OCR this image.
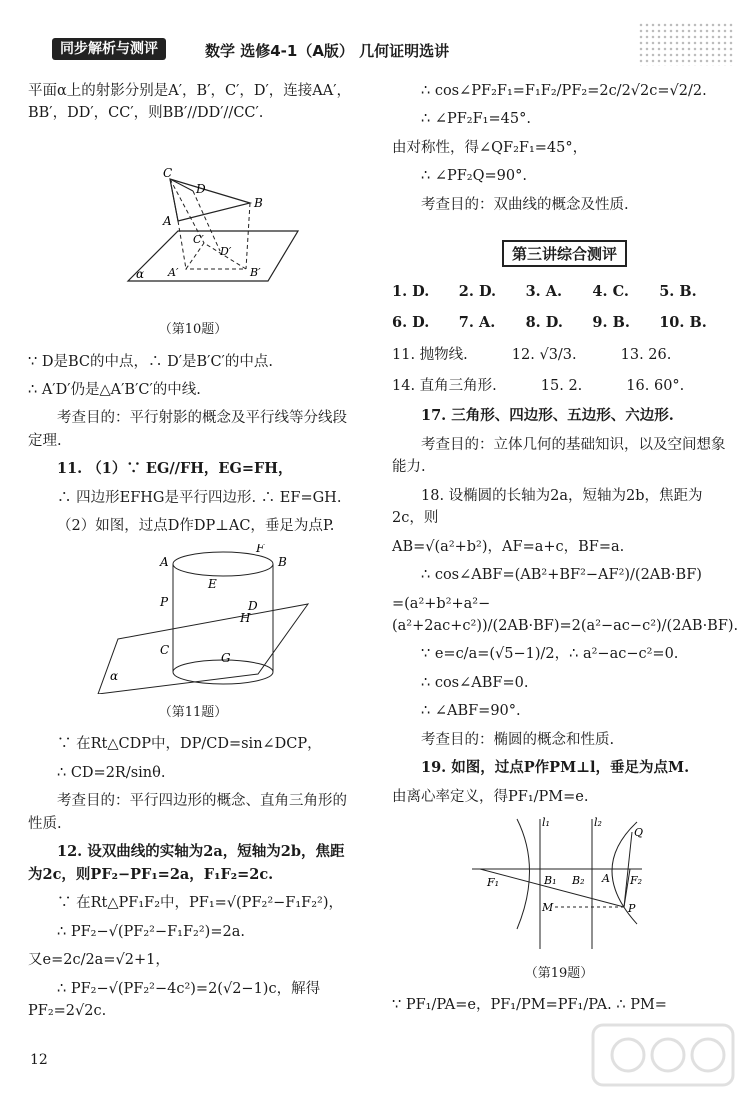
同步解析与测评	数学 选修4-1（A版） 几何证明选讲

平面α上的射影分别是A′，B′，C′，D′，连接AA′，BB′，DD′，CC′，则BB′//DD′//CC′.

C
D
A
B
C′
D′
A′	B′
α
（第10题）

∵ D是BC的中点，∴ D′是B′C′的中点.

∴ A′D′仍是△A′B′C′的中线.

考查目的：平行射影的概念及平行线等分线段定理.

11. （1）∵ EG//FH，EG=FH，

∴ 四边形EFHG是平行四边形. ∴ EF=GH.

（2）如图，过点D作DP⊥AC，垂足为点P.

A	B
C
P
F
E
H
D
G
α
（第11题）

∵ 在Rt△CDP中，DP/CD=sin∠DCP，

∴ CD=2R/sinθ.

考查目的：平行四边形的概念、直角三角形的性质.

12. 设双曲线的实轴为2a，短轴为2b，焦距为2c，则PF₂−PF₁=2a，F₁F₂=2c.

∵ 在Rt△PF₁F₂中，PF₁=√(PF₂²−F₁F₂²)，

∴ PF₂−√(PF₂²−F₁F₂²)=2a.

又e=2c/2a=√2+1，

∴ PF₂−√(PF₂²−4c²)=2(√2−1)c，解得PF₂=2√2c.

∴ cos∠PF₂F₁=F₁F₂/PF₂=2c/2√2c=√2/2.

∴ ∠PF₂F₁=45°.

由对称性，得∠QF₂F₁=45°，

∴ ∠PF₂Q=90°.

考查目的：双曲线的概念及性质.

第三讲综合测评
1. D.	2. D.	3. A.	4. C.	5. B.
6. D.	7. A.	8. D.	9. B.	10. B.
11. 抛物线.	12. √3/3.	13. 26.
14. 直角三角形.	15. 2.	16. 60°.

17. 三角形、四边形、五边形、六边形.

考查目的：立体几何的基础知识，以及空间想象能力.

18. 设椭圆的长轴为2a，短轴为2b，焦距为2c，则

AB=√(a²+b²)，AF=a+c，BF=a.

∴ cos∠ABF=(AB²+BF²−AF²)/(2AB·BF)

=(a²+b²+a²−(a²+2ac+c²))/(2AB·BF)=2(a²−ac−c²)/(2AB·BF).

∵ e=c/a=(√5−1)/2，∴ a²−ac−c²=0.

∴ cos∠ABF=0.

∴ ∠ABF=90°.

考查目的：椭圆的概念和性质.

19. 如图，过点P作PM⊥l，垂足为点M.

由离心率定义，得PF₁/PM=e.

l₁	l₂
F₁	B₁ B₂ A F₂
P
M
Q
（第19题）

∵ PF₁/PA=e，PF₁/PM=PF₁/PA. ∴ PM=

12
